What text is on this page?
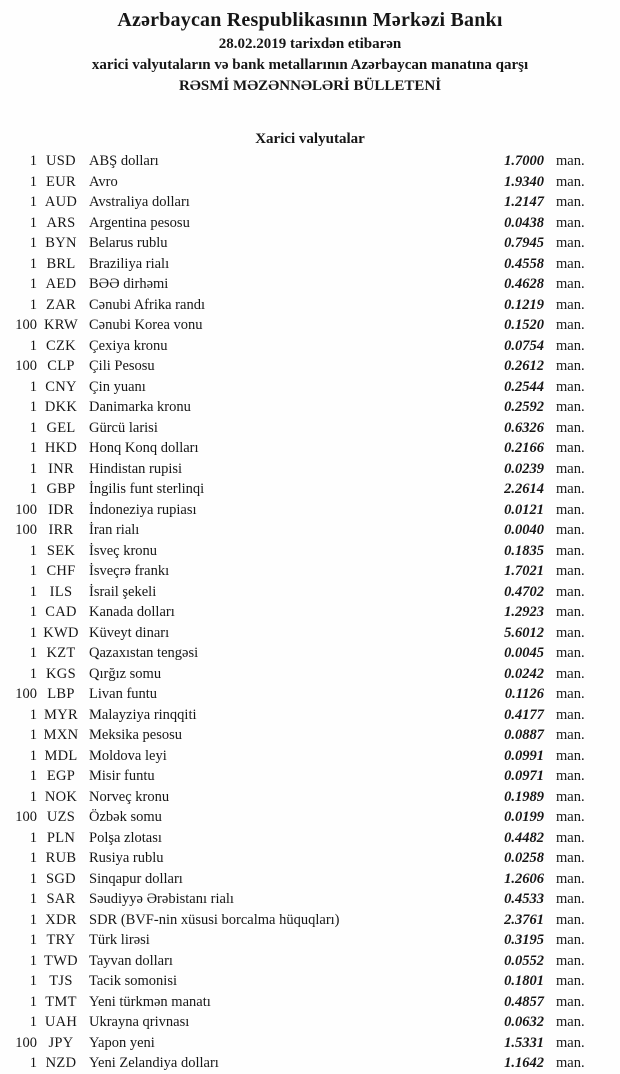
Azərbaycan Respublikasının Mərkəzi Bankı
28.02.2019 tarixdən etibarən
xarici valyutaların və bank metallarının Azərbaycan manatına qarşı
RƏSMİ MƏZƏNNƏLƏRİ BÜLLETENİ
Xarici valyutalar
1 USD ABŞ dolları	1.7000 man.
1 EUR Avro	1.9340 man.
1 AUD Avstraliya dolları	1.2147 man.
1 ARS Argentina pesosu	0.0438 man.
1 BYN Belarus rublu	0.7945 man.
1 BRL Braziliya rialı	0.4558 man.
1 AED BƏƏ dirhəmi	0.4628 man.
1 ZAR Cənubi Afrika randı	0.1219 man.
100 KRW Cənubi Korea vonu	0.1520 man.
1 CZK Çexiya kronu	0.0754 man.
100 CLP Çili Pesosu	0.2612 man.
1 CNY Çin yuanı	0.2544 man.
1 DKK Danimarka kronu	0.2592 man.
1 GEL Gürcü larisi	0.6326 man.
1 HKD Honq Konq dolları	0.2166 man.
1 INR	Hindistan rupisi	0.0239 man.
1 GBP İngilis funt sterlinqi	2.2614 man.
100 IDR	İndoneziya rupiası	0.0121 man.
100 IRR	İran rialı	0.0040 man.
1 SEK İsveç kronu	0.1835 man.
1 CHF İsveçrə frankı	1.7021 man.
1 ILS	İsrail şekeli	0.4702 man.
1 CAD Kanada dolları	1.2923 man.
1 KWD Küveyt dinarı	5.6012 man.
1 KZT Qazaxıstan tengəsi	0.0045 man.
1 KGS Qırğız somu	0.0242 man.
100 LBP Livan funtu	0.1126 man.
1 MYR Malayziya rinqqiti	0.4177 man.
1 MXN Meksika pesosu	0.0887 man.
1 MDL Moldova leyi	0.0991 man.
1 EGP Misir funtu	0.0971 man.
1 NOK Norveç kronu	0.1989 man.
100 UZS Özbək somu	0.0199 man.
1 PLN Polşa zlotası	0.4482 man.
1 RUB Rusiya rublu	0.0258 man.
1 SGD Sinqapur dolları	1.2606 man.
1 SAR Səudiyyə Ərəbistanı rialı	0.4533 man.
1 XDR SDR (BVF-nin xüsusi borcalma hüquqları)	2.3761 man.
1 TRY Türk lirəsi	0.3195 man.
1 TWD Tayvan dolları	0.0552 man.
1 TJS	Tacik somonisi	0.1801 man.
1 TMT Yeni türkmən manatı	0.4857 man.
1 UAH Ukrayna qrivnası	0.0632 man.
100 JPY	Yapon yeni	1.5331 man.
1 NZD Yeni Zelandiya dolları	1.1642 man.
